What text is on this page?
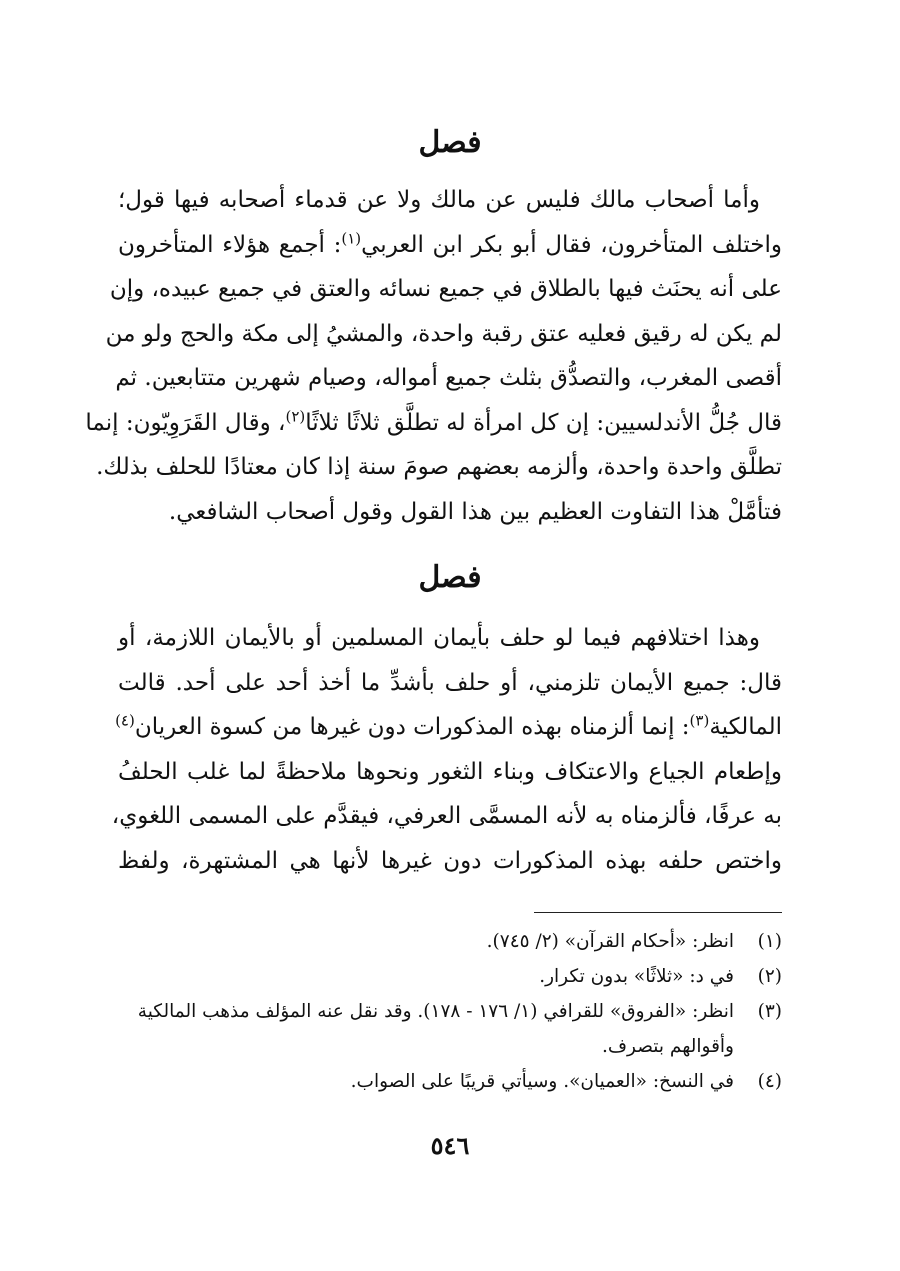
فصل
وأما أصحاب مالك فليس عن مالك ولا عن قدماء أصحابه فيها قول؛
واختلف المتأخرون، فقال أبو بكر ابن العربي$^{(١)}$: أجمع هؤلاء المتأخرون
على أنه يحنَث فيها بالطلاق في جميع نسائه والعتق في جميع عبيده، وإن
لم يكن له رقيق فعليه عتق رقبة واحدة، والمشيُ إلى مكة والحج ولو من
أقصى المغرب، والتصدُّق بثلث جميع أمواله، وصيام شهرين متتابعين. ثم
قال جُلُّ الأندلسيين: إن كل امرأة له تطلَّق ثلاثًا ثلاثًا$^{(٢)}$، وقال القَرَوِيّون: إنما
تطلَّق واحدة واحدة، وألزمه بعضهم صومَ سنة إذا كان معتادًا للحلف بذلك.
فتأمَّلْ هذا التفاوت العظيم بين هذا القول وقول أصحاب الشافعي.
فصل
وهذا اختلافهم فيما لو حلف بأيمان المسلمين أو بالأيمان اللازمة، أو
قال: جميع الأيمان تلزمني، أو حلف بأشدِّ ما أخذ أحد على أحد. قالت
المالكية$^{(٣)}$: إنما ألزمناه بهذه المذكورات دون غيرها من كسوة العريان$^{(٤)}$
وإطعام الجياع والاعتكاف وبناء الثغور ونحوها ملاحظةً لما غلب الحلفُ
به عرفًا، فألزمناه به لأنه المسمَّى العرفي، فيقدَّم على المسمى اللغوي،
واختص حلفه بهذه المذكورات دون غيرها لأنها هي المشتهرة، ولفظ
(١)
انظر: «أحكام القرآن» (٢/ ٧٤٥).
(٢)
في د: «ثلاثًا» بدون تكرار.
(٣)
انظر: «الفروق» للقرافي (١/ ١٧٦ - ١٧٨). وقد نقل عنه المؤلف مذهب المالكية
وأقوالهم بتصرف.
(٤)
في النسخ: «العميان». وسيأتي قريبًا على الصواب.
٥٤٦
